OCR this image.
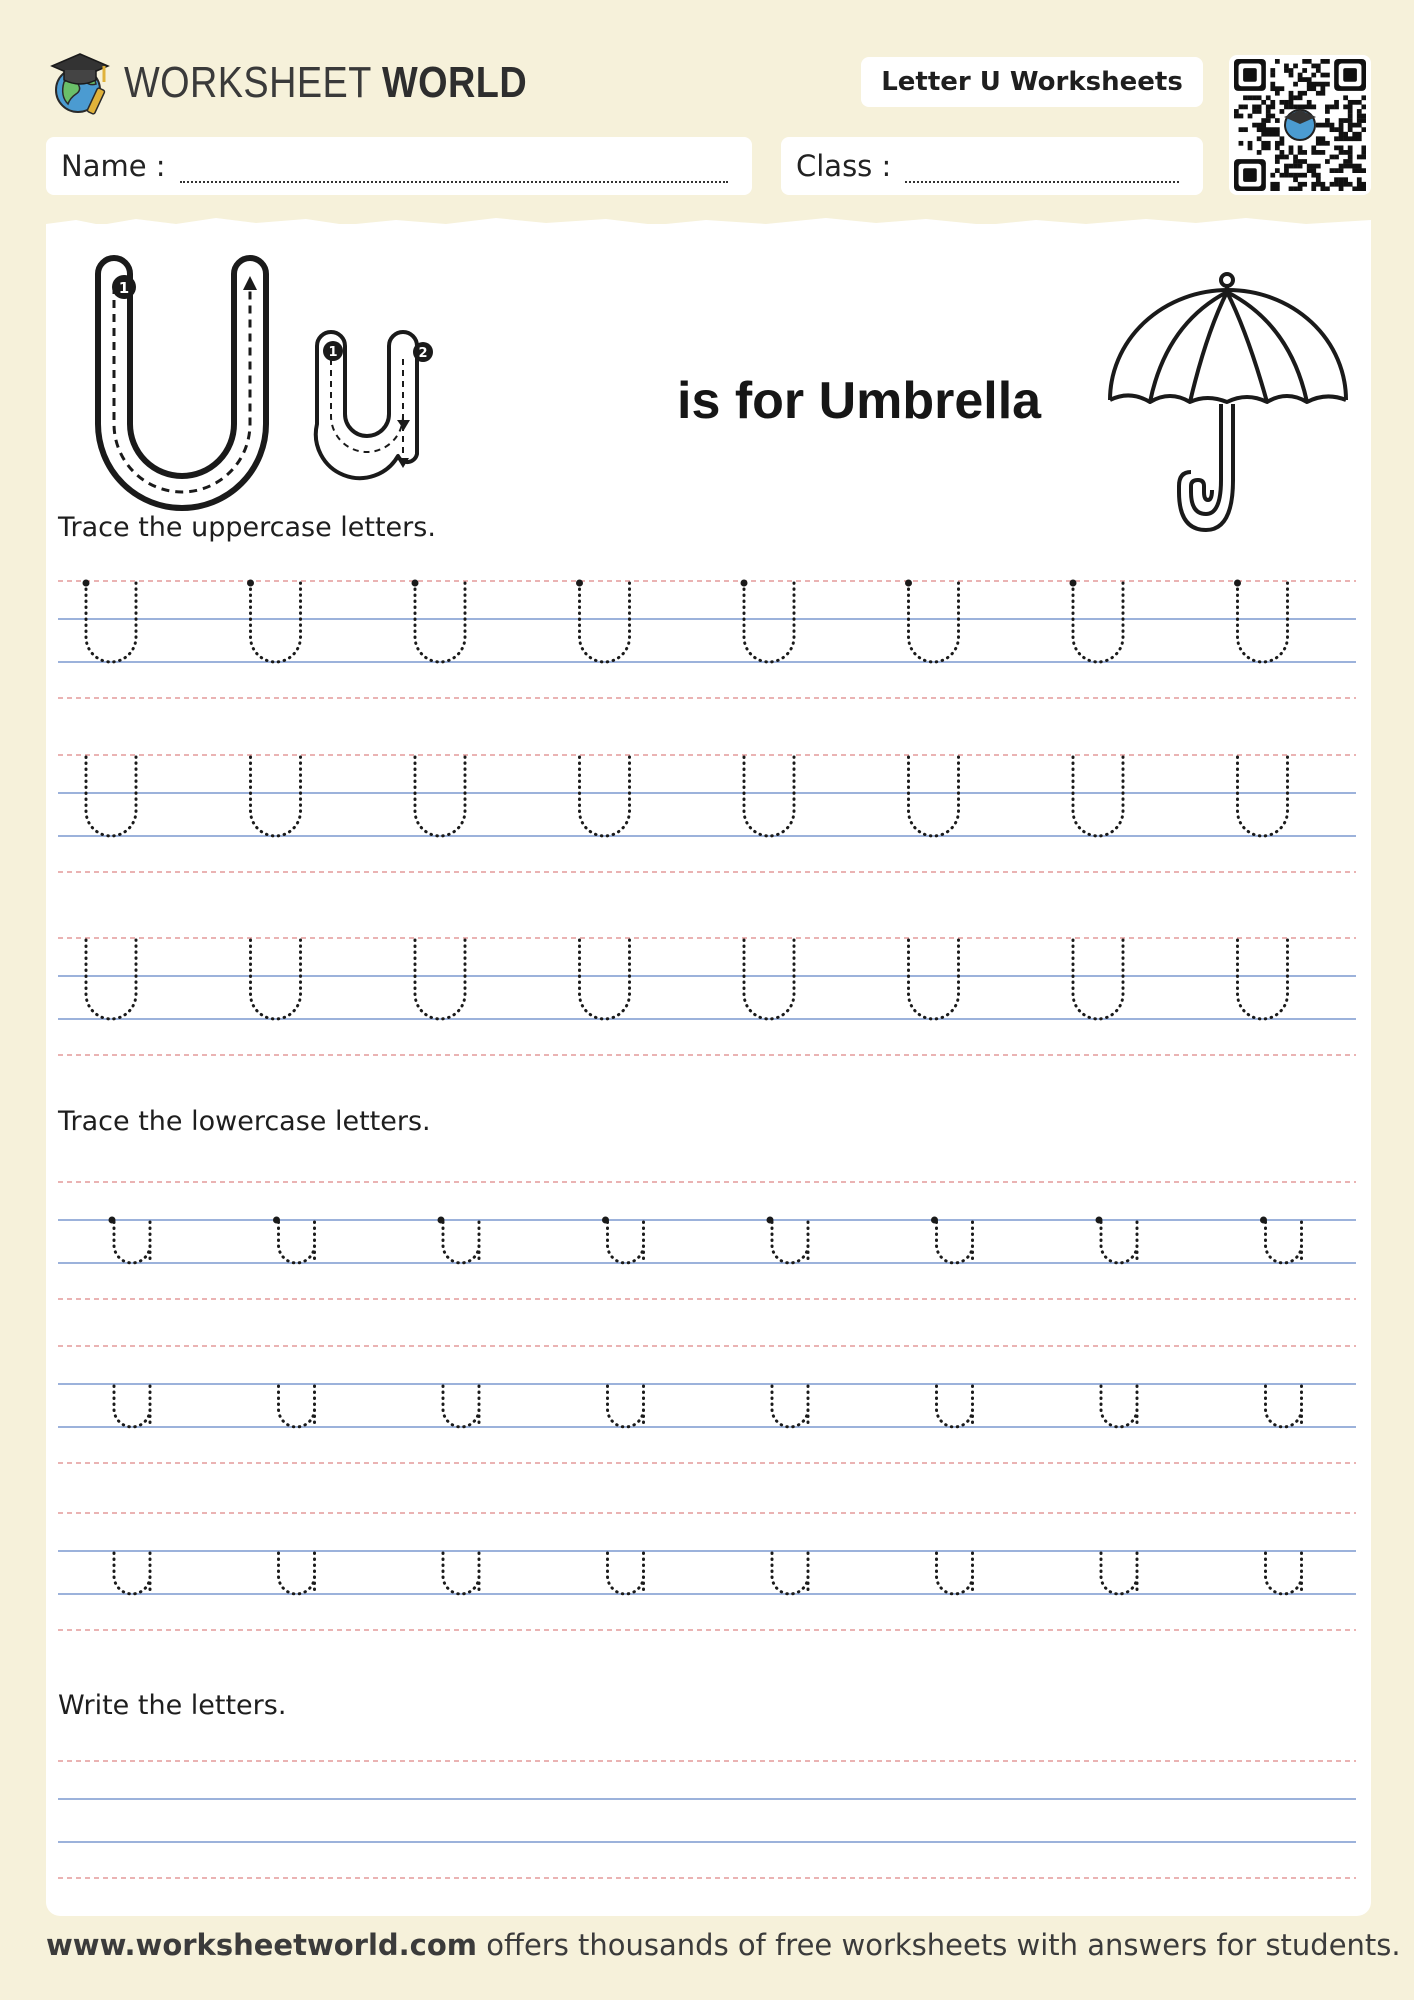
WORKSHEET WORLD	Letter U Worksheets
Name :	Class :
1
1	2
is for Umbrella
Trace the uppercase letters.
Trace the lowercase letters.
Write the letters.
www.worksheetworld.com offers thousands of free worksheets with answers for students.
